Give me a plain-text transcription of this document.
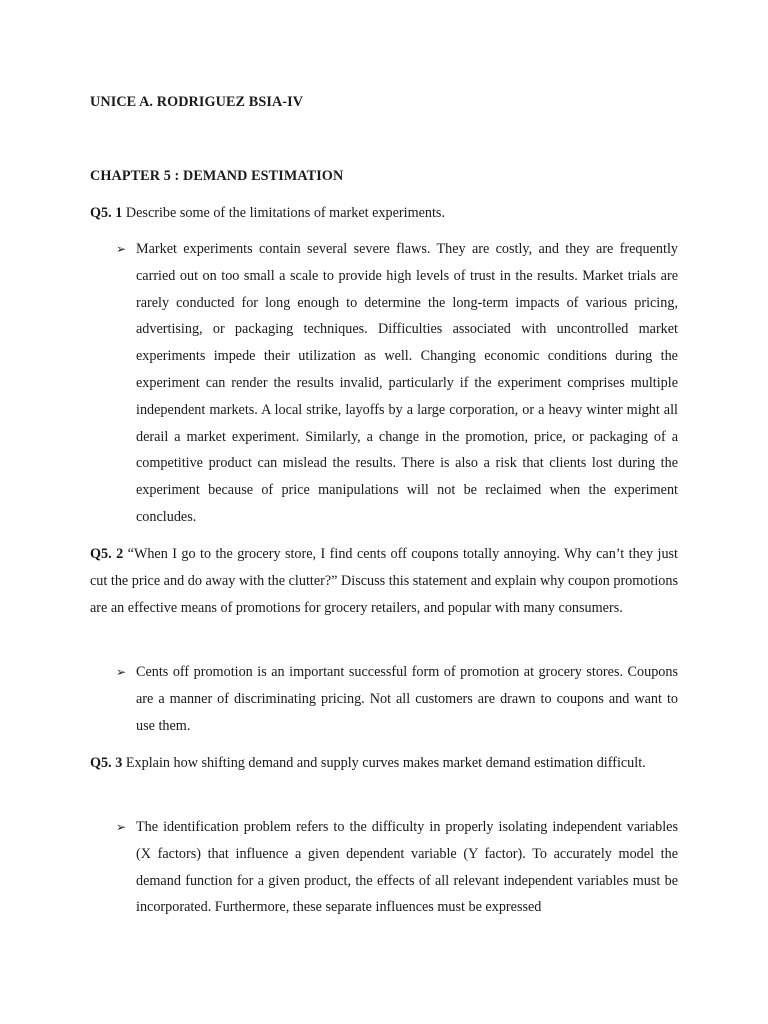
UNICE A. RODRIGUEZ BSIA-IV
CHAPTER 5 : DEMAND ESTIMATION
Q5. 1 Describe some of the limitations of market experiments.
➢ Market experiments contain several severe flaws. They are costly, and they are frequently carried out on too small a scale to provide high levels of trust in the results. Market trials are rarely conducted for long enough to determine the long-term impacts of various pricing, advertising, or packaging techniques. Difficulties associated with uncontrolled market experiments impede their utilization as well. Changing economic conditions during the experiment can render the results invalid, particularly if the experiment comprises multiple independent markets. A local strike, layoffs by a large corporation, or a heavy winter might all derail a market experiment. Similarly, a change in the promotion, price, or packaging of a competitive product can mislead the results. There is also a risk that clients lost during the experiment because of price manipulations will not be reclaimed when the experiment concludes.
Q5. 2 “When I go to the grocery store, I find cents off coupons totally annoying. Why can’t they just cut the price and do away with the clutter?” Discuss this statement and explain why coupon promotions are an effective means of promotions for grocery retailers, and popular with many consumers.
➢ Cents off promotion is an important successful form of promotion at grocery stores. Coupons are a manner of discriminating pricing. Not all customers are drawn to coupons and want to use them.
Q5. 3 Explain how shifting demand and supply curves makes market demand estimation difficult.
➢ The identification problem refers to the difficulty in properly isolating independent variables (X factors) that influence a given dependent variable (Y factor). To accurately model the demand function for a given product, the effects of all relevant independent variables must be incorporated. Furthermore, these separate influences must be expressed
